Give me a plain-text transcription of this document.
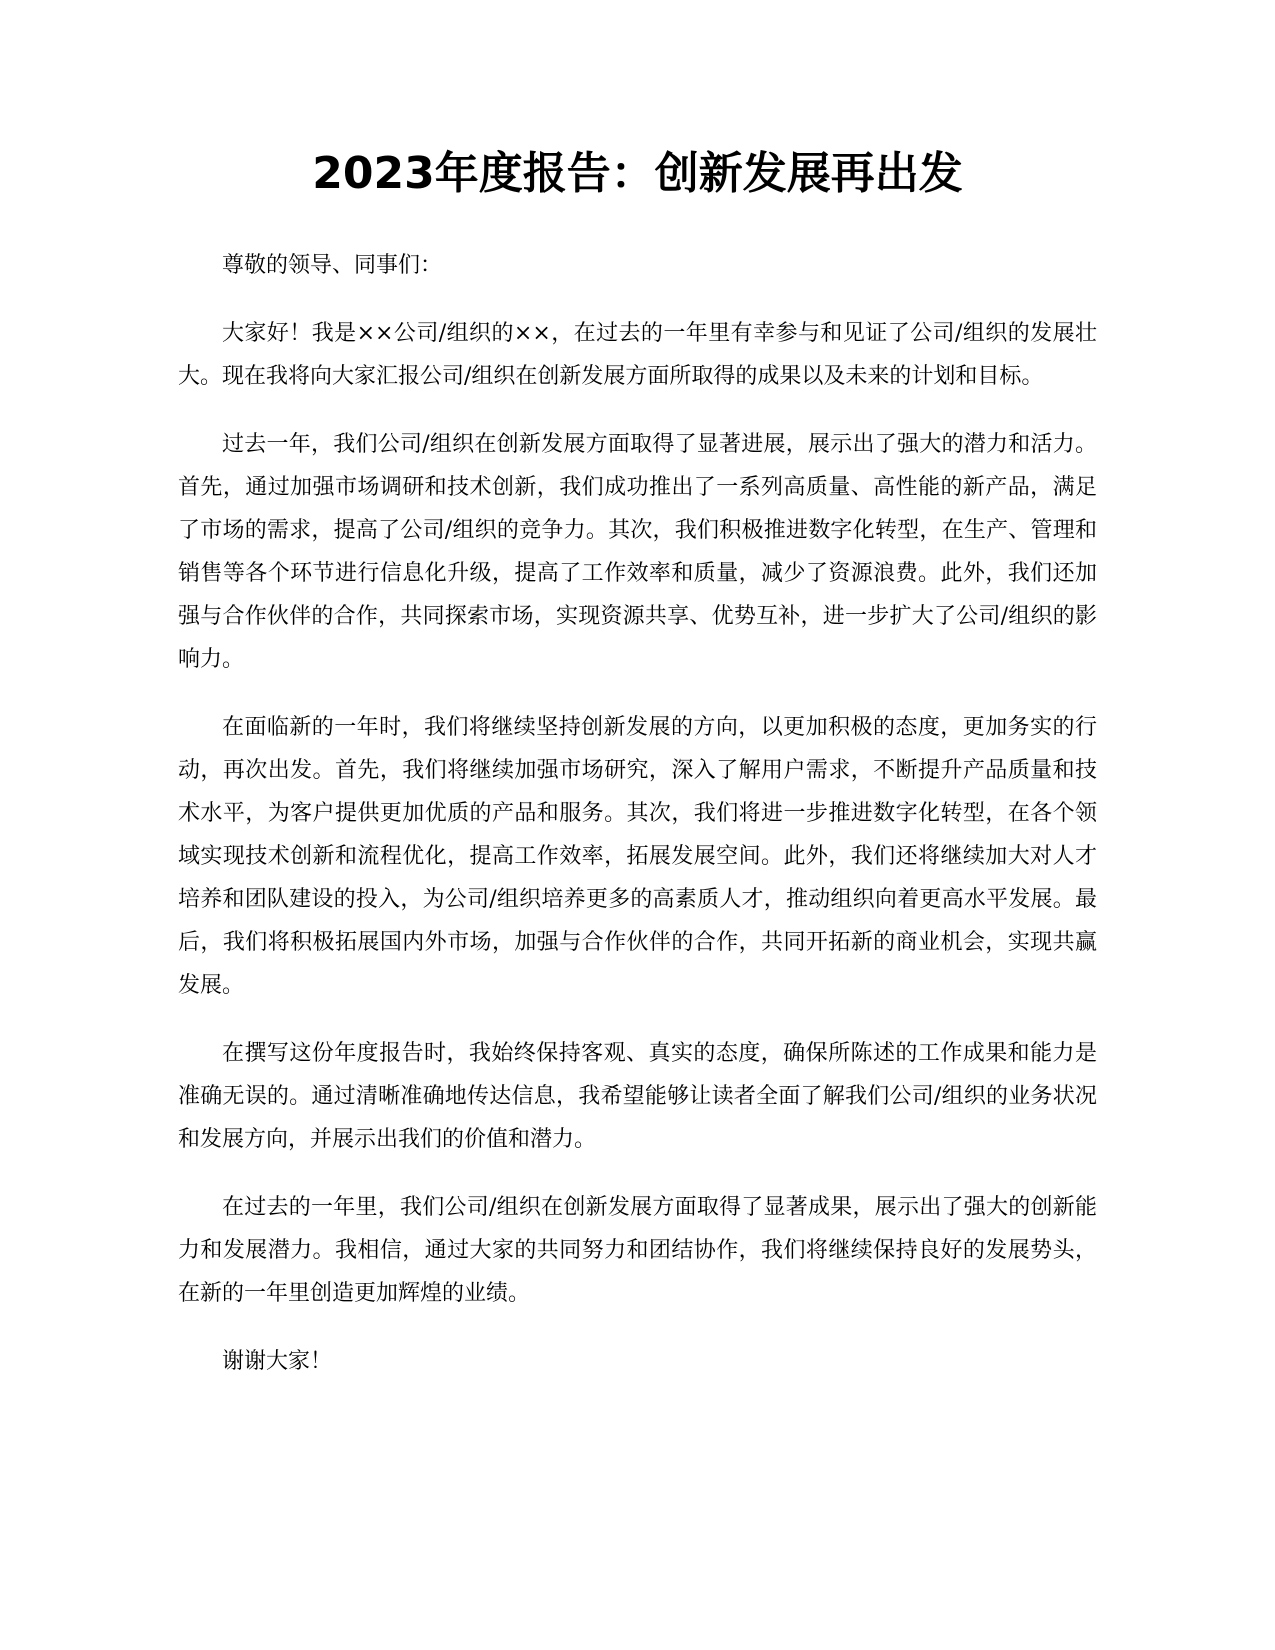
2023年度报告：创新发展再出发

尊敬的领导、同事们：

大家好！我是××公司/组织的××，在过去的一年里有幸参与和见证了公司/组织的发展壮大。现在我将向大家汇报公司/组织在创新发展方面所取得的成果以及未来的计划和目标。

过去一年，我们公司/组织在创新发展方面取得了显著进展，展示出了强大的潜力和活力。首先，通过加强市场调研和技术创新，我们成功推出了一系列高质量、高性能的新产品，满足了市场的需求，提高了公司/组织的竞争力。其次，我们积极推进数字化转型，在生产、管理和销售等各个环节进行信息化升级，提高了工作效率和质量，减少了资源浪费。此外，我们还加强与合作伙伴的合作，共同探索市场，实现资源共享、优势互补，进一步扩大了公司/组织的影响力。

在面临新的一年时，我们将继续坚持创新发展的方向，以更加积极的态度，更加务实的行动，再次出发。首先，我们将继续加强市场研究，深入了解用户需求，不断提升产品质量和技术水平，为客户提供更加优质的产品和服务。其次，我们将进一步推进数字化转型，在各个领域实现技术创新和流程优化，提高工作效率，拓展发展空间。此外，我们还将继续加大对人才培养和团队建设的投入，为公司/组织培养更多的高素质人才，推动组织向着更高水平发展。最后，我们将积极拓展国内外市场，加强与合作伙伴的合作，共同开拓新的商业机会，实现共赢发展。

在撰写这份年度报告时，我始终保持客观、真实的态度，确保所陈述的工作成果和能力是准确无误的。通过清晰准确地传达信息，我希望能够让读者全面了解我们公司/组织的业务状况和发展方向，并展示出我们的价值和潜力。

在过去的一年里，我们公司/组织在创新发展方面取得了显著成果，展示出了强大的创新能力和发展潜力。我相信，通过大家的共同努力和团结协作，我们将继续保持良好的发展势头，在新的一年里创造更加辉煌的业绩。

谢谢大家！
